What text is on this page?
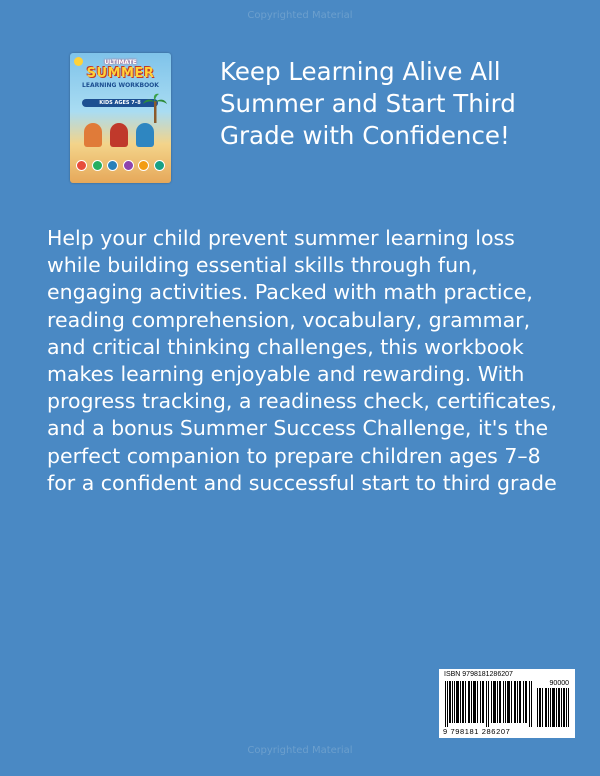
Copyrighted Material
ULTIMATE
SUMMER
LEARNING WORKBOOK
KIDS AGES 7–8
Keep Learning Alive All Summer and Start Third Grade with Confidence!

Help your child prevent summer learning loss while building essential skills through fun, engaging activities. Packed with math practice, reading comprehension, vocabulary, grammar, and critical thinking challenges, this workbook makes learning enjoyable and rewarding. With progress tracking, a readiness check, certificates, and a bonus Summer Success Challenge, it's the perfect companion to prepare children ages 7–8 for a confident and successful start to third grade

ISBN 9798181286207
90000
9 798181 286207
Copyrighted Material
